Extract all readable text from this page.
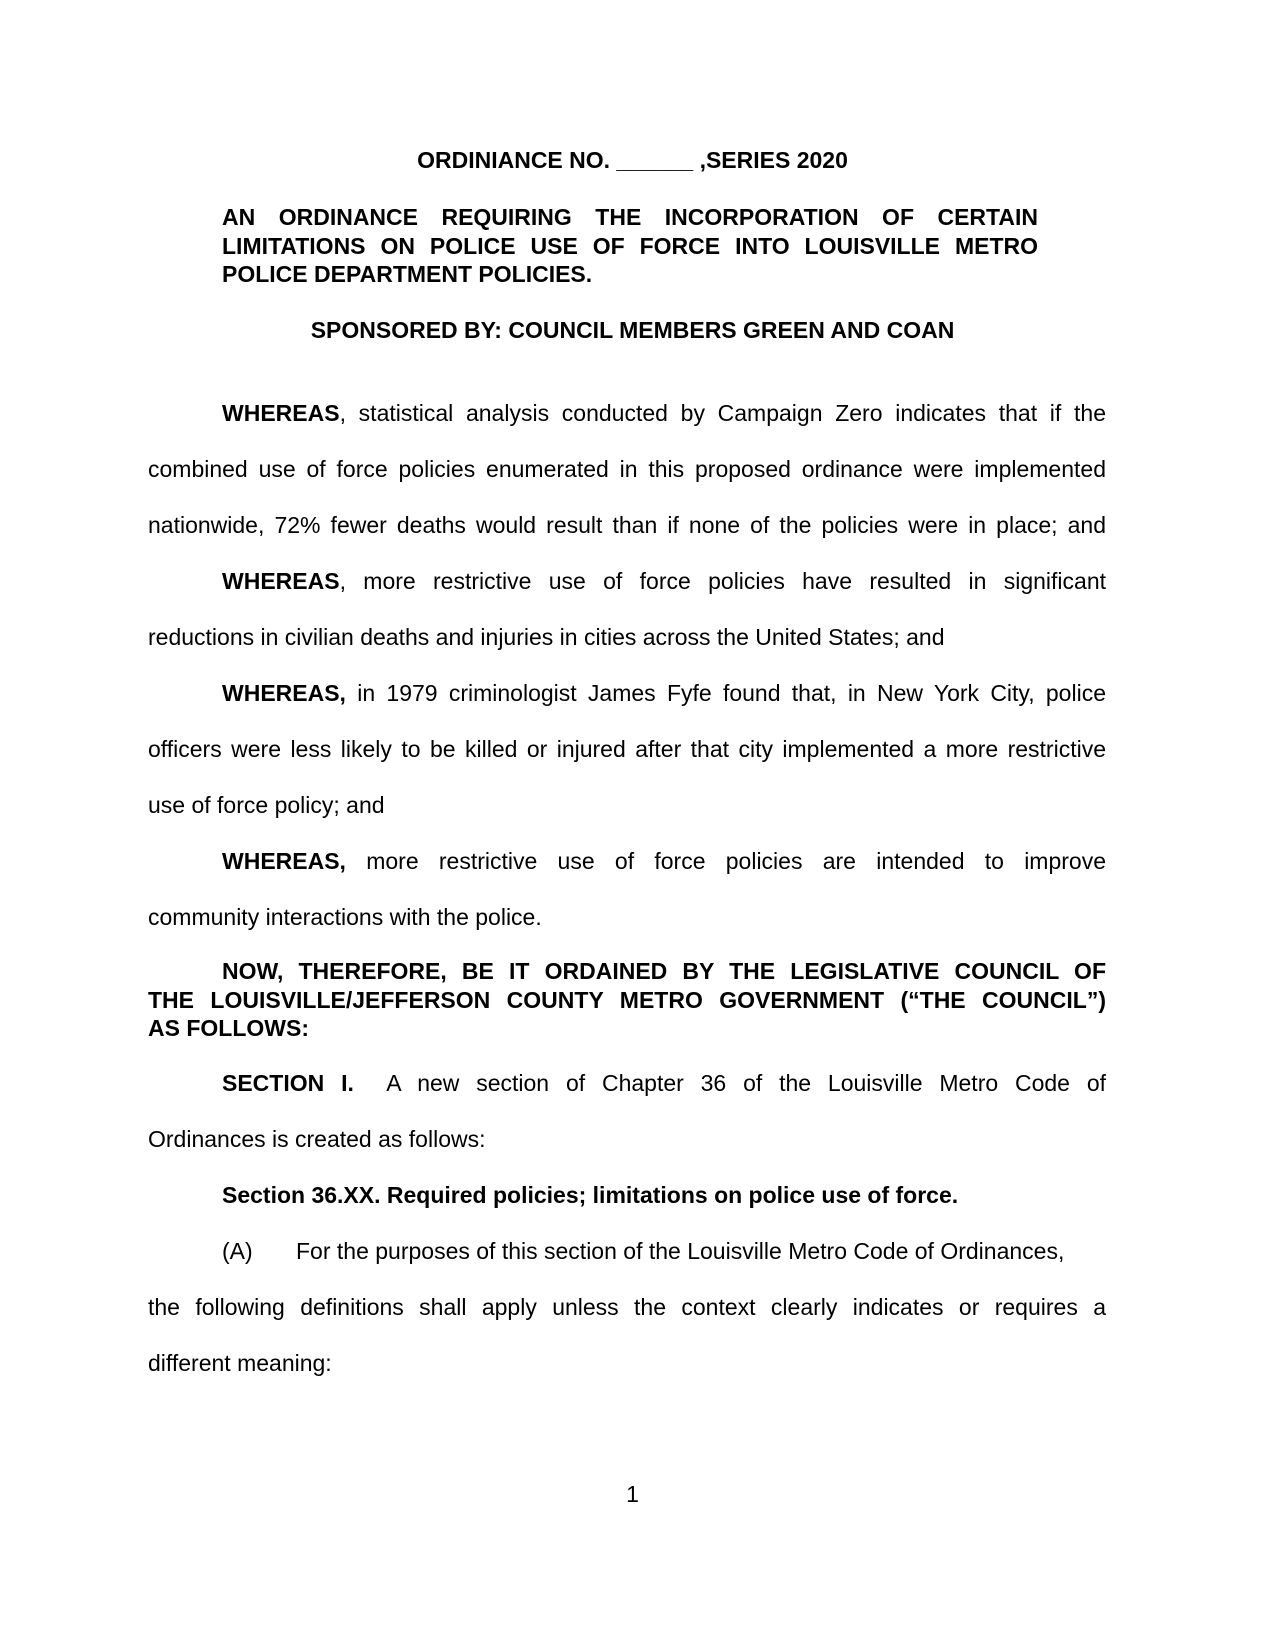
ORDINIANCE NO. ______ ,SERIES 2020
AN ORDINANCE REQUIRING THE INCORPORATION OF CERTAIN
LIMITATIONS ON POLICE USE OF FORCE INTO LOUISVILLE METRO
POLICE DEPARTMENT POLICIES.
SPONSORED BY: COUNCIL MEMBERS GREEN AND COAN
WHEREAS, statistical analysis conducted by Campaign Zero indicates that if the
combined use of force policies enumerated in this proposed ordinance were implemented
nationwide, 72% fewer deaths would result than if none of the policies were in place; and
WHEREAS, more restrictive use of force policies have resulted in significant
reductions in civilian deaths and injuries in cities across the United States; and
WHEREAS, in 1979 criminologist James Fyfe found that, in New York City, police
officers were less likely to be killed or injured after that city implemented a more restrictive
use of force policy; and
WHEREAS, more restrictive use of force policies are intended to improve
community interactions with the police.
NOW, THEREFORE, BE IT ORDAINED BY THE LEGISLATIVE COUNCIL OF
THE LOUISVILLE/JEFFERSON COUNTY METRO GOVERNMENT (“THE COUNCIL”)
AS FOLLOWS:
SECTION I.  A new section of Chapter 36 of the Louisville Metro Code of
Ordinances is created as follows:
Section 36.XX. Required policies; limitations on police use of force.
(A) For the purposes of this section of the Louisville Metro Code of Ordinances,
the following definitions shall apply unless the context clearly indicates or requires a
different meaning:
1
